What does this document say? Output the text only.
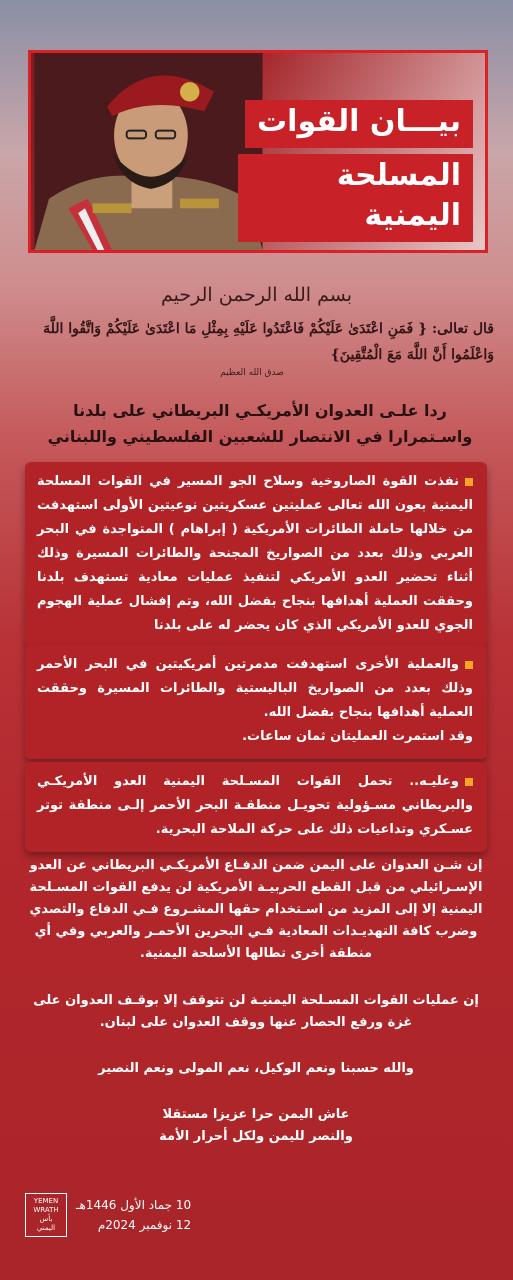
بيـــان القوات
المسلحة اليمنية
بسم الله الرحمن الرحيم
قال تعالى: { فَمَنِ اعْتَدَىٰ عَلَيْكُمْ فَاعْتَدُوا عَلَيْهِ بِمِثْلِ مَا اعْتَدَىٰ عَلَيْكُمْ وَاتَّقُوا اللَّهَ وَاعْلَمُوا أَنَّ اللَّهَ مَعَ الْمُتَّقِينَ}
صدق الله العظيم
ردا علـى العدوان الأمريكـي البريطاني على بلدنا واسـتمرارا في الانتصار للشعبين الفلسطيني واللبناني

نفذت القوة الصاروخية وسلاح الجو المسير في القوات المسلحة اليمنية بعون الله تعالى عمليتين عسكريتين نوعيتين الأولى استهدفت من خلالها حاملة الطائرات الأمريكية ( إبراهام ) المتواجدة في البحر العربي وذلك بعدد من الصواريخ المجنحة والطائرات المسيرة وذلك أثناء تحضير العدو الأمريكي لتنفيذ عمليات معادية تستهدف بلدنا وحققت العملية أهدافها بنجاح بفضل الله، وتم إفشال عملية الهجوم الجوي للعدو الأمريكي الذي كان يحضر له على بلدنا

والعملية الأخرى استهدفت مدمرتين أمريكيتين في البحر الأحمر وذلك بعدد من الصواريخ الباليستية والطائرات المسيرة وحققت العملية أهدافها بنجاح بفضل الله.

وقد استمرت العمليتان ثمان ساعات.

وعليـه.. تحمل القوات المسـلحة اليمنية العدو الأمريكـي والبريطاني مسـؤولية تحويـل منطقـة البحر الأحمر إلـى منطقة توتر عسـكري وتداعيات ذلك على حركة الملاحة البحرية.

إن شـن العدوان على اليمن ضمن الدفـاع الأمريكـي البريطاني عن العدو الإسـرائيلي من قبل القطع الحربيـة الأمريكية لن يدفع القوات المسـلحة اليمنية إلا إلى المزيد من اسـتخدام حقها المشـروع فـي الدفاع والتصدي وضرب كافة التهديـدات المعادية فـي البحرين الأحمـر والعربي وفي أي منطقة أخرى تطالها الأسلحة اليمنية.
إن عمليات القوات المسـلحة اليمنيـة لن تتوقف إلا بوقـف العدوان على غزة ورفع الحصار عنها ووقف العدوان على لبنان.
والله حسبنا ونعم الوكيل، نعم المولى ونعم النصير
عاش اليمن حرا عزيزا مستقلا
والنصر لليمن ولكل أحرار الأمة
YEMEN
WRATH
بأس
اليمني
10 جماد الأول 1446هـ
12 نوفمبر 2024م
